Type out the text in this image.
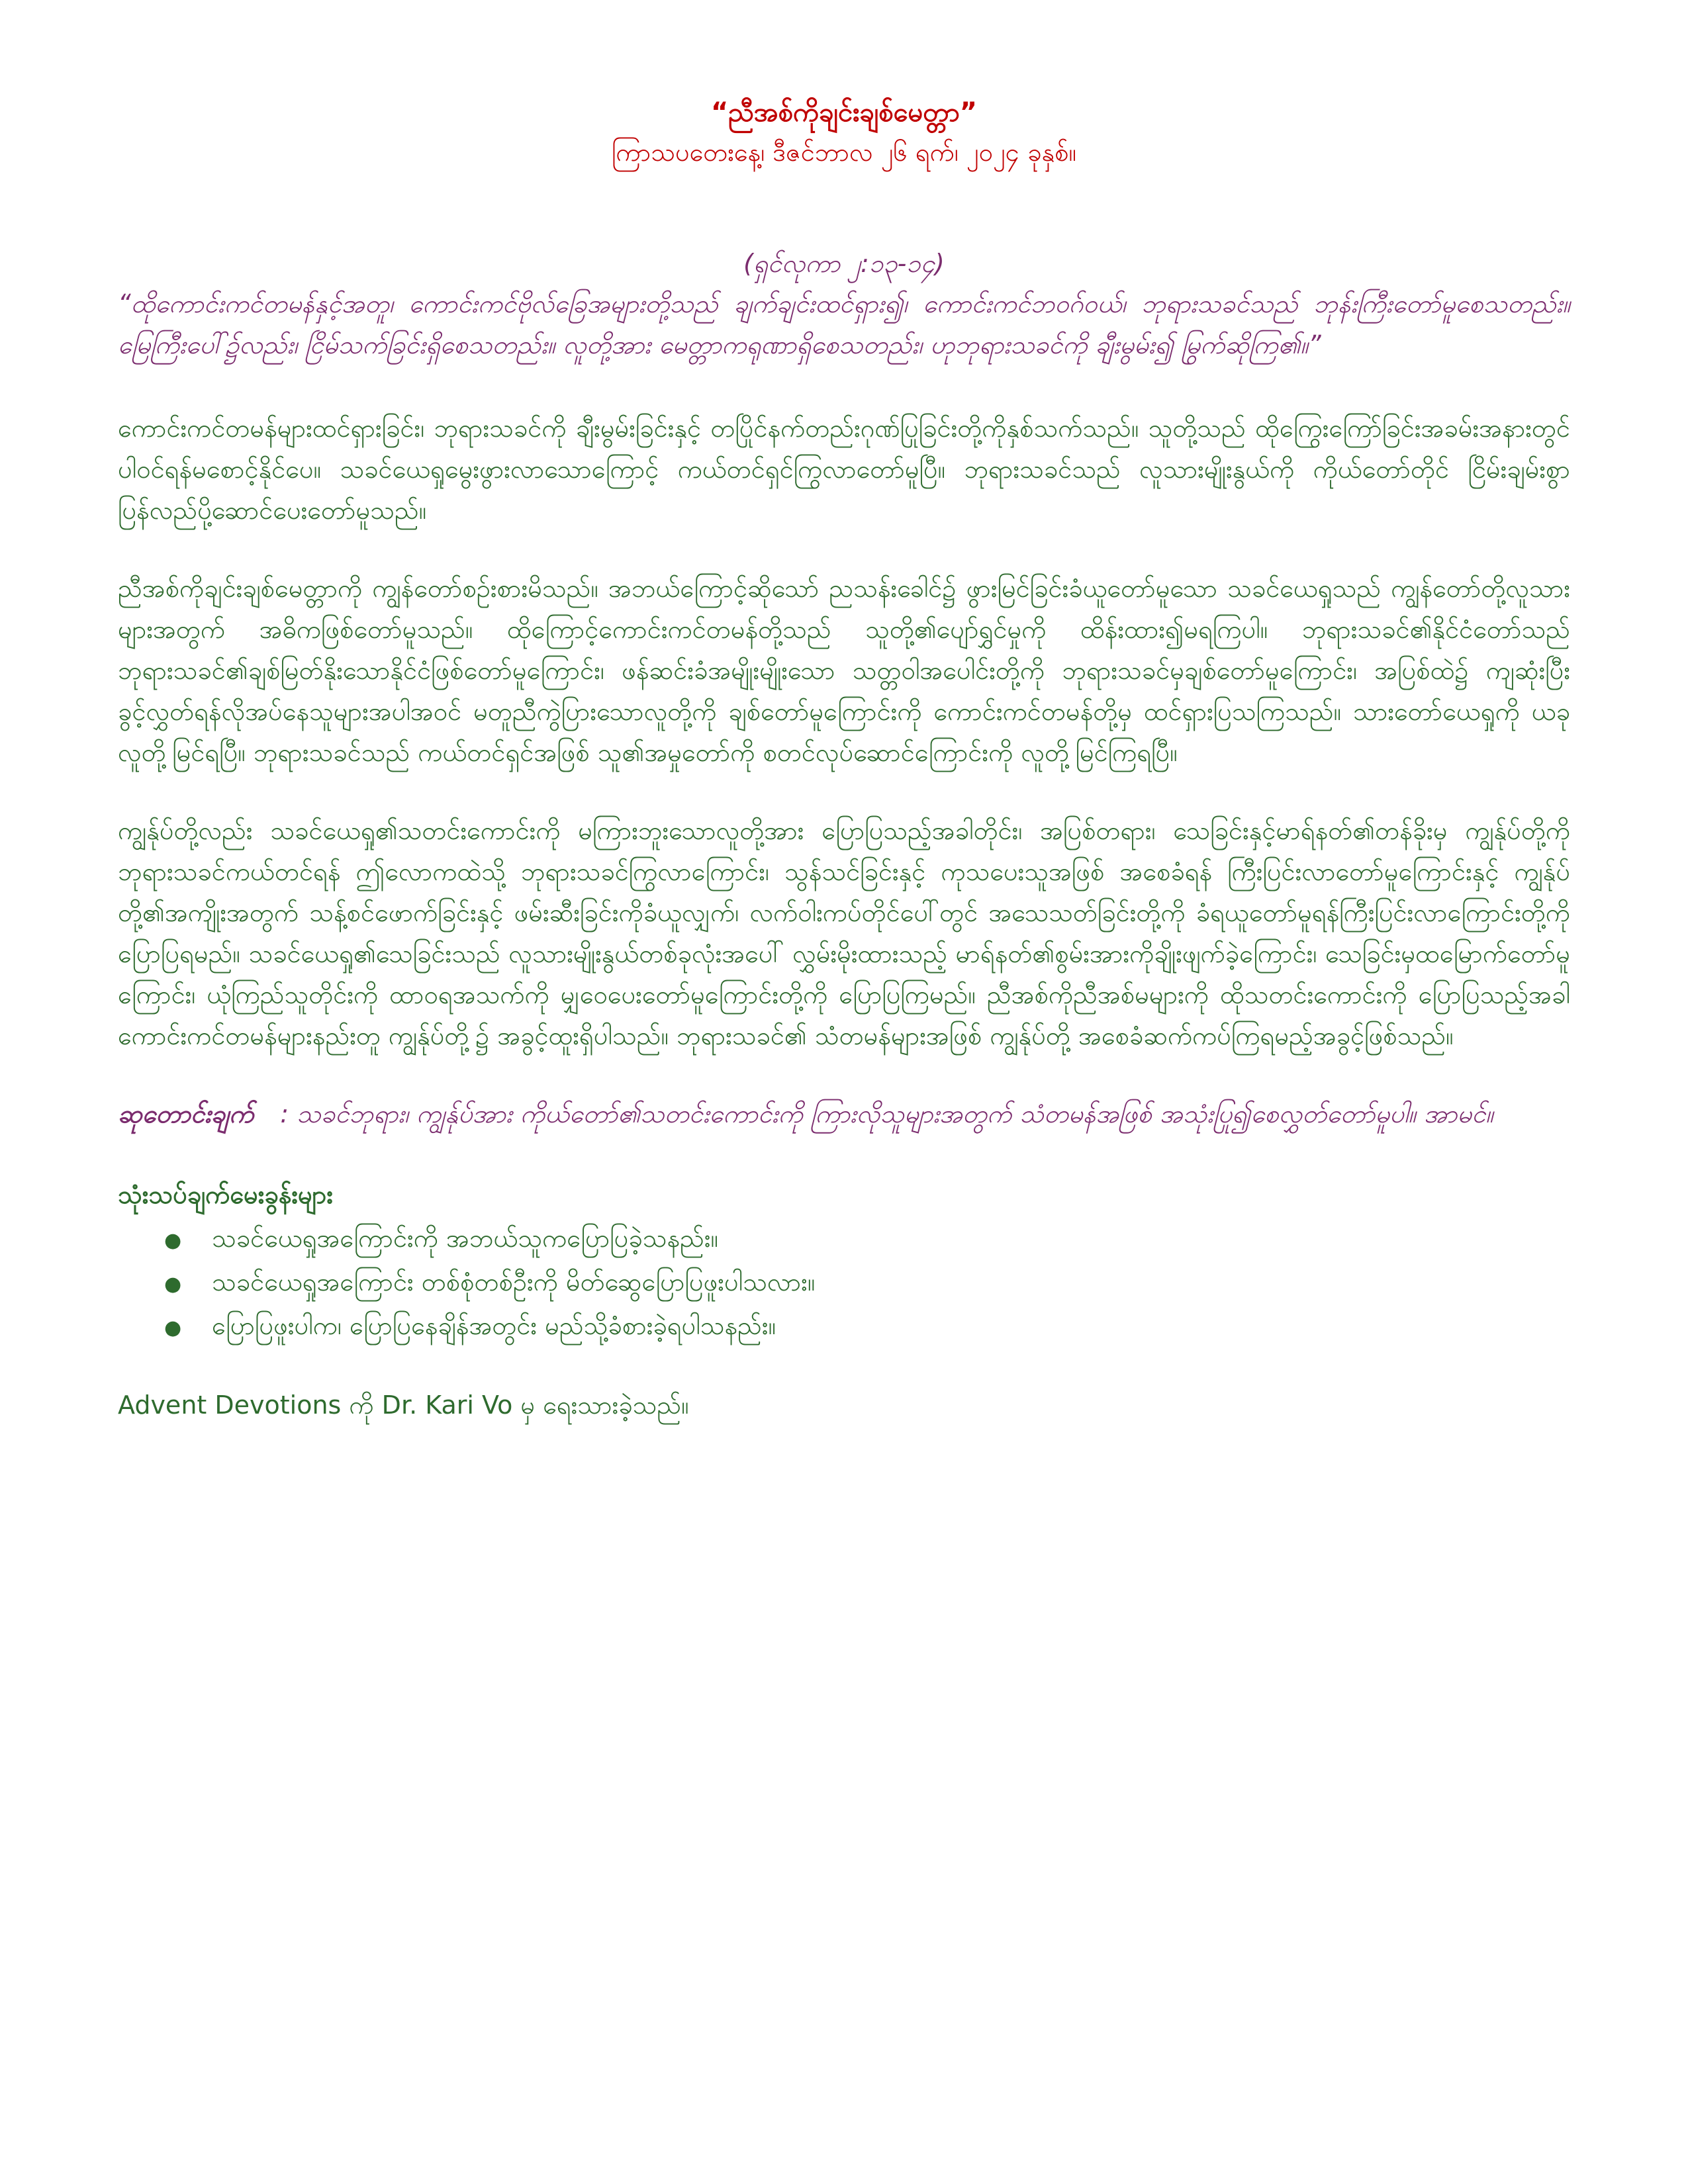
“ညီအစ်ကိုချင်းချစ်မေတ္တာ”

ကြာသပတေးနေ့၊ ဒီဇင်ဘာလ ၂၆ ရက်၊ ၂၀၂၄ ခုနှစ်။

(ရှင်လုကာ ၂:၁၃-၁၄)

“ထိုကောင်းကင်တမန်နှင့်အတူ၊ ကောင်းကင်ဗိုလ်ခြေအများတို့သည် ချက်ချင်းထင်ရှား၍၊ ကောင်းကင်ဘဝဂ်ဝယ်၊ ဘုရားသခင်သည် ဘုန်းကြီးတော်မူစေသတည်း။ မြေကြီးပေါ်၌လည်း၊ ငြိမ်သက်ခြင်းရှိစေသတည်း။ လူတို့အား မေတ္တာကရုဏာရှိစေသတည်း၊ ဟုဘုရားသခင်ကို ချီးမွမ်း၍ မြွက်ဆိုကြ၏။”

ကောင်းကင်တမန်များထင်ရှားခြင်း၊ ဘုရားသခင်ကို ချီးမွမ်းခြင်းနှင့် တပြိုင်နက်တည်းဂုဏ်ပြုခြင်းတို့ကိုနှစ်သက်သည်။ သူတို့သည် ထိုကြွေးကြော်ခြင်းအခမ်းအနားတွင် ပါဝင်ရန်မစောင့်နိုင်ပေ။ သခင်ယေရှုမွေးဖွားလာသောကြောင့် ကယ်တင်ရှင်ကြွလာတော်မူပြီ။ ဘုရားသခင်သည် လူသားမျိုးနွယ်ကို ကိုယ်တော်တိုင် ငြိမ်းချမ်းစွာပြန်လည်ပို့ဆောင်ပေးတော်မူသည်။

ညီအစ်ကိုချင်းချစ်မေတ္တာကို ကျွန်တော်စဉ်းစားမိသည်။ အဘယ်ကြောင့်ဆိုသော် ညသန်းခေါင်၌ ဖွားမြင်ခြင်းခံယူတော်မူသော သခင်ယေရှုသည် ကျွန်တော်တို့လူသားများအတွက် အဓိကဖြစ်တော်မူသည်။ ထိုကြောင့်ကောင်းကင်တမန်တို့သည် သူတို့၏ပျော်ရွှင်မှုကို ထိန်းထား၍မရကြပါ။ ဘုရားသခင်၏နိုင်ငံတော်သည် ဘုရားသခင်၏ချစ်မြတ်နိုးသောနိုင်ငံဖြစ်တော်မူကြောင်း၊ ဖန်ဆင်းခံအမျိုးမျိုးသော သတ္တဝါအပေါင်းတို့ကို ဘုရားသခင်မှချစ်တော်မူကြောင်း၊ အပြစ်ထဲ၌ ကျဆုံးပြီး ခွင့်လွှတ်ရန်လိုအပ်နေသူများအပါအဝင် မတူညီကွဲပြားသောလူတို့ကို ချစ်တော်မူကြောင်းကို ကောင်းကင်တမန်တို့မှ ထင်ရှားပြသကြသည်။ သားတော်ယေရှုကို ယခု လူတို့မြင်ရပြီ။ ဘုရားသခင်သည် ကယ်တင်ရှင်အဖြစ် သူ၏အမှုတော်ကို စတင်လုပ်ဆောင်ကြောင်းကို လူတို့မြင်ကြရပြီ။

ကျွန်ုပ်တို့လည်း သခင်ယေရှု၏သတင်းကောင်းကို မကြားဘူးသောလူတို့အား ပြောပြသည့်အခါတိုင်း၊ အပြစ်တရား၊ သေခြင်းနှင့်မာရ်နတ်၏တန်ခိုးမှ ကျွန်ုပ်တို့ကို ဘုရားသခင်ကယ်တင်ရန် ဤလောကထဲသို့ ဘုရားသခင်ကြွလာကြောင်း၊ သွန်သင်ခြင်းနှင့် ကုသပေးသူအဖြစ် အစေခံရန် ကြီးပြင်းလာတော်မူကြောင်းနှင့် ကျွန်ုပ်တို့၏အကျိုးအတွက် သန့်စင်ဖောက်ခြင်းနှင့် ဖမ်းဆီးခြင်းကိုခံယူလျှက်၊ လက်ဝါးကပ်တိုင်ပေါ်တွင် အသေသတ်ခြင်းတို့ကို ခံရယူတော်မူရန်ကြီးပြင်းလာကြောင်းတို့ကိုပြောပြရမည်။ သခင်ယေရှု၏သေခြင်းသည် လူသားမျိုးနွယ်တစ်ခုလုံးအပေါ် လွှမ်းမိုးထားသည့် မာရ်နတ်၏စွမ်းအားကိုချိုးဖျက်ခဲ့ကြောင်း၊ သေခြင်းမှထမြောက်တော်မူကြောင်း၊ ယုံကြည်သူတိုင်းကို ထာဝရအသက်ကို မျှဝေပေးတော်မူကြောင်းတို့ကို ပြောပြကြမည်။ ညီအစ်ကိုညီအစ်မများကို ထိုသတင်းကောင်းကို ပြောပြသည့်အခါ ကောင်းကင်တမန်များနည်းတူ ကျွန်ုပ်တို့၌ အခွင့်ထူးရှိပါသည်။ ဘုရားသခင်၏ သံတမန်များအဖြစ် ကျွန်ုပ်တို့ အစေခံဆက်ကပ်ကြရမည့်အခွင့်ဖြစ်သည်။

ဆုတောင်းချက် : သခင်ဘုရား၊ ကျွန်ုပ်အား ကိုယ်တော်၏သတင်းကောင်းကို ကြားလိုသူများအတွက် သံတမန်အဖြစ် အသုံးပြု၍စေလွှတ်တော်မူပါ။ အာမင်။

သုံးသပ်ချက်မေးခွန်းများ

●	သခင်ယေရှုအကြောင်းကို အဘယ်သူကပြောပြခဲ့သနည်း။
●	သခင်ယေရှုအကြောင်း တစ်စုံတစ်ဦးကို မိတ်ဆွေပြောပြဖူးပါသလား။
●	ပြောပြဖူးပါက၊ ပြောပြနေချိန်အတွင်း မည်သို့ခံစားခဲ့ရပါသနည်း။

Advent Devotions ကို Dr. Kari Vo မှ ရေးသားခဲ့သည်။
